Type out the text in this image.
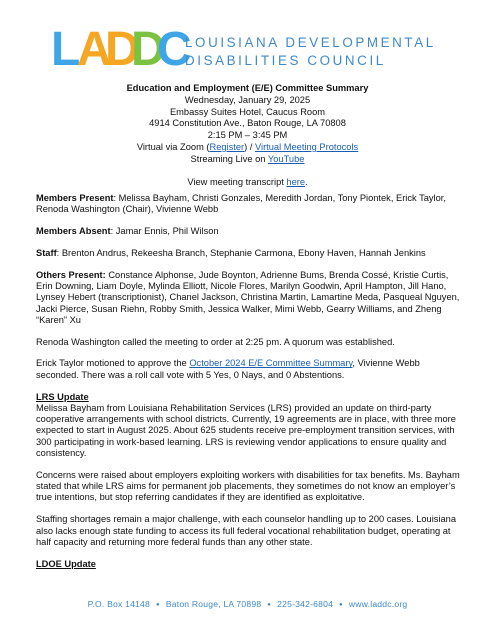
L
A
D
D
C
LOUISIANA DEVELOPMENTAL
DISABILITIES COUNCIL
Education and Employment (E/E) Committee Summary
Wednesday, January 29, 2025
Embassy Suites Hotel, Caucus Room
4914 Constitution Ave., Baton Rouge, LA 70808
2:15 PM – 3:45 PM
Virtual via Zoom (Register) / Virtual Meeting Protocols
Streaming Live on YouTube
View meeting transcript here.

Members Present: Melissa Bayham, Christi Gonzales, Meredith Jordan, Tony Piontek, Erick Taylor, Renoda Washington (Chair), Vivienne Webb

Members Absent: Jamar Ennis, Phil Wilson

Staff: Brenton Andrus, Rekeesha Branch, Stephanie Carmona, Ebony Haven, Hannah Jenkins

Others Present: Constance Alphonse, Jude Boynton, Adrienne Bums, Brenda Cossé, Kristie Curtis, Erin Downing, Liam Doyle, Mylinda Elliott, Nicole Flores, Marilyn Goodwin, April Hampton, Jill Hano, Lynsey Hebert (transcriptionist), Chanel Jackson, Christina Martin, Lamartine Meda, Pasqueal Nguyen, Jacki Pierce, Susan Riehn, Robby Smith, Jessica Walker, Mimi Webb, Gearry Williams, and Zheng “Karen” Xu

Renoda Washington called the meeting to order at 2:25 pm. A quorum was established.

Erick Taylor motioned to approve the October 2024 E/E Committee Summary, Vivienne Webb seconded. There was a roll call vote with 5 Yes, 0 Nays, and 0 Abstentions.

LRS Update

Melissa Bayham from Louisiana Rehabilitation Services (LRS) provided an update on third-party cooperative arrangements with school districts. Currently, 19 agreements are in place, with three more expected to start in August 2025. About 625 students receive pre-employment transition services, with 300 participating in work-based learning. LRS is reviewing vendor applications to ensure quality and consistency.

Concerns were raised about employers exploiting workers with disabilities for tax benefits. Ms. Bayham stated that while LRS aims for permanent job placements, they sometimes do not know an employer’s true intentions, but stop referring candidates if they are identified as exploitative.

Staffing shortages remain a major challenge, with each counselor handling up to 200 cases. Louisiana also lacks enough state funding to access its full federal vocational rehabilitation budget, operating at half capacity and returning more federal funds than any other state.

LDOE Update
P.O. Box 14148 ● Baton Rouge, LA 70898 ● 225-342-6804 ● www.laddc.org
